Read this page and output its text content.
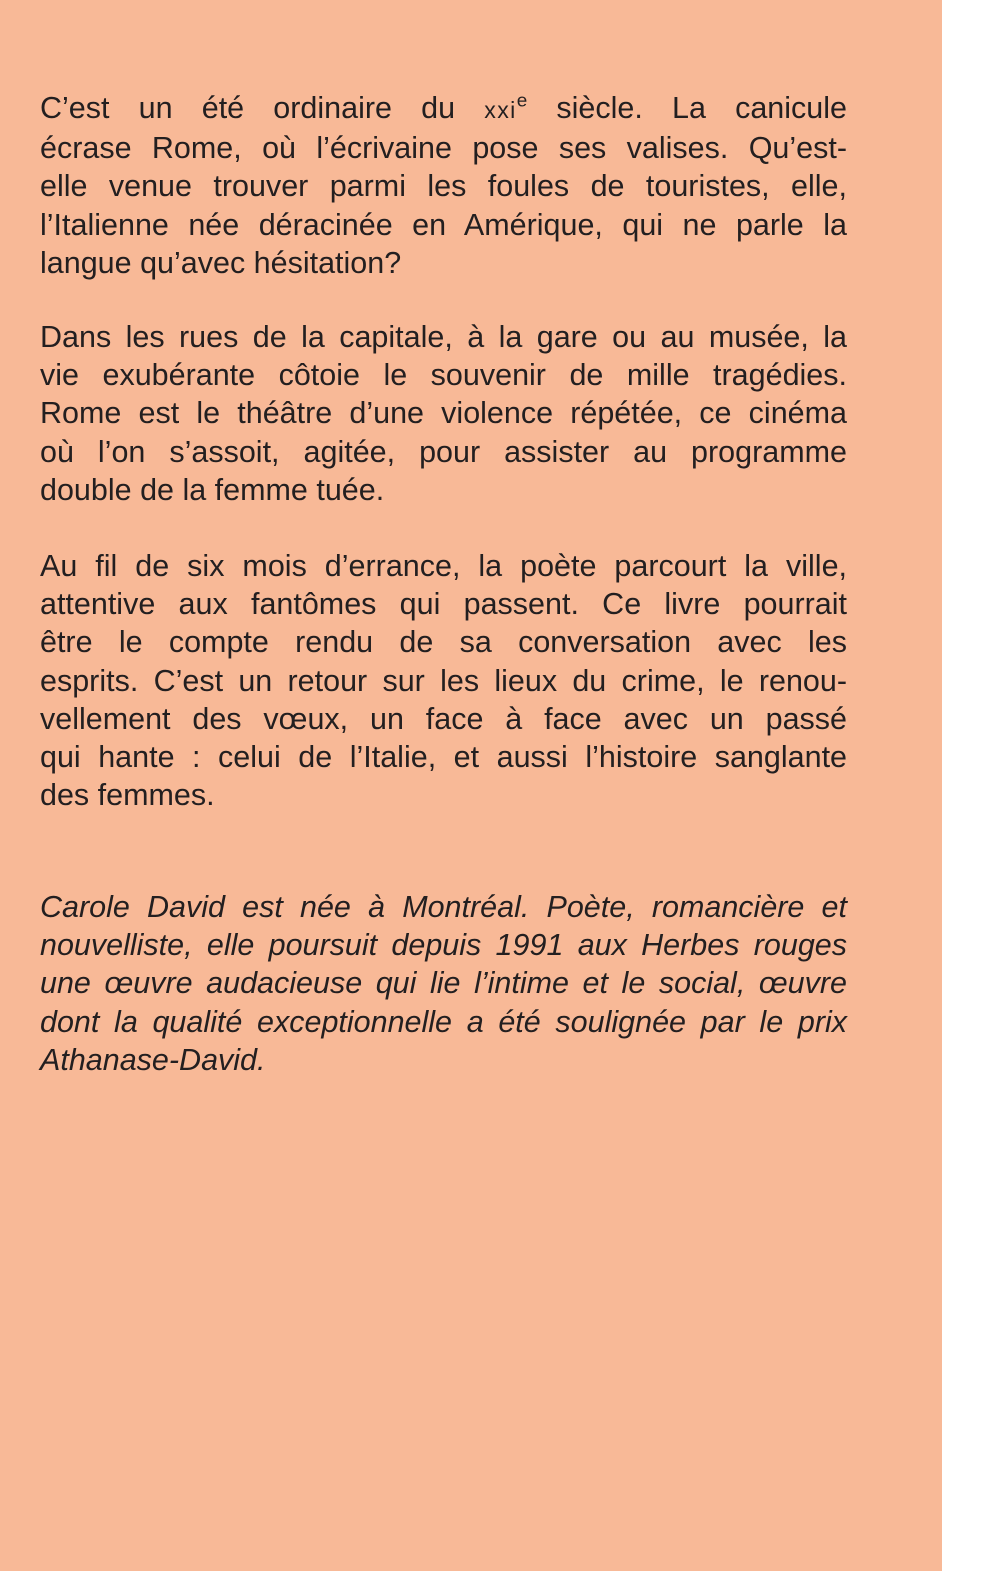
C’est un été ordinaire du xxi$^e$ siècle. La canicule
écrase Rome, où l’écrivaine pose ses valises. Qu’est-
elle venue trouver parmi les foules de touristes, elle,
l’Italienne née déracinée en Amérique, qui ne parle la
langue qu’avec hésitation?
Dans les rues de la capitale, à la gare ou au musée, la
vie exubérante côtoie le souvenir de mille tragédies.
Rome est le théâtre d’une violence répétée, ce cinéma
où l’on s’assoit, agitée, pour assister au programme
double de la femme tuée.
Au fil de six mois d’errance, la poète parcourt la ville,
attentive aux fantômes qui passent. Ce livre pourrait
être le compte rendu de sa conversation avec les
esprits. C’est un retour sur les lieux du crime, le renou-
vellement des vœux, un face à face avec un passé
qui hante : celui de l’Italie, et aussi l’histoire sanglante
des femmes.
Carole David est née à Montréal. Poète, romancière et
nouvelliste, elle poursuit depuis 1991 aux Herbes rouges
une œuvre audacieuse qui lie l’intime et le social, œuvre
dont la qualité exceptionnelle a été soulignée par le prix
Athanase-David.
